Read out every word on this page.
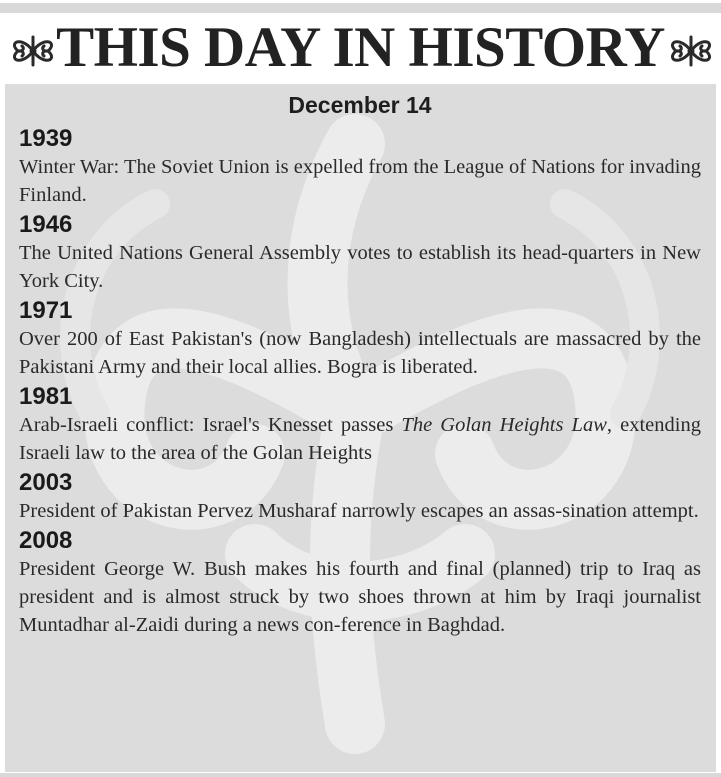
THIS DAY IN HISTORY
December 14
1939
Winter War: The Soviet Union is expelled from the League of Nations for invading Finland.
1946
The United Nations General Assembly votes to establish its head-quarters in New York City.
1971
Over 200 of East Pakistan's (now Bangladesh) intellectuals are massacred by the Pakistani Army and their local allies. Bogra is liberated.
1981
Arab-Israeli conflict: Israel's Knesset passes The Golan Heights Law, extending Israeli law to the area of the Golan Heights
2003
President of Pakistan Pervez Musharaf narrowly escapes an assas-sination attempt.
2008
President George W. Bush makes his fourth and final (planned) trip to Iraq as president and is almost struck by two shoes thrown at him by Iraqi journalist Muntadhar al-Zaidi during a news con-ference in Baghdad.
